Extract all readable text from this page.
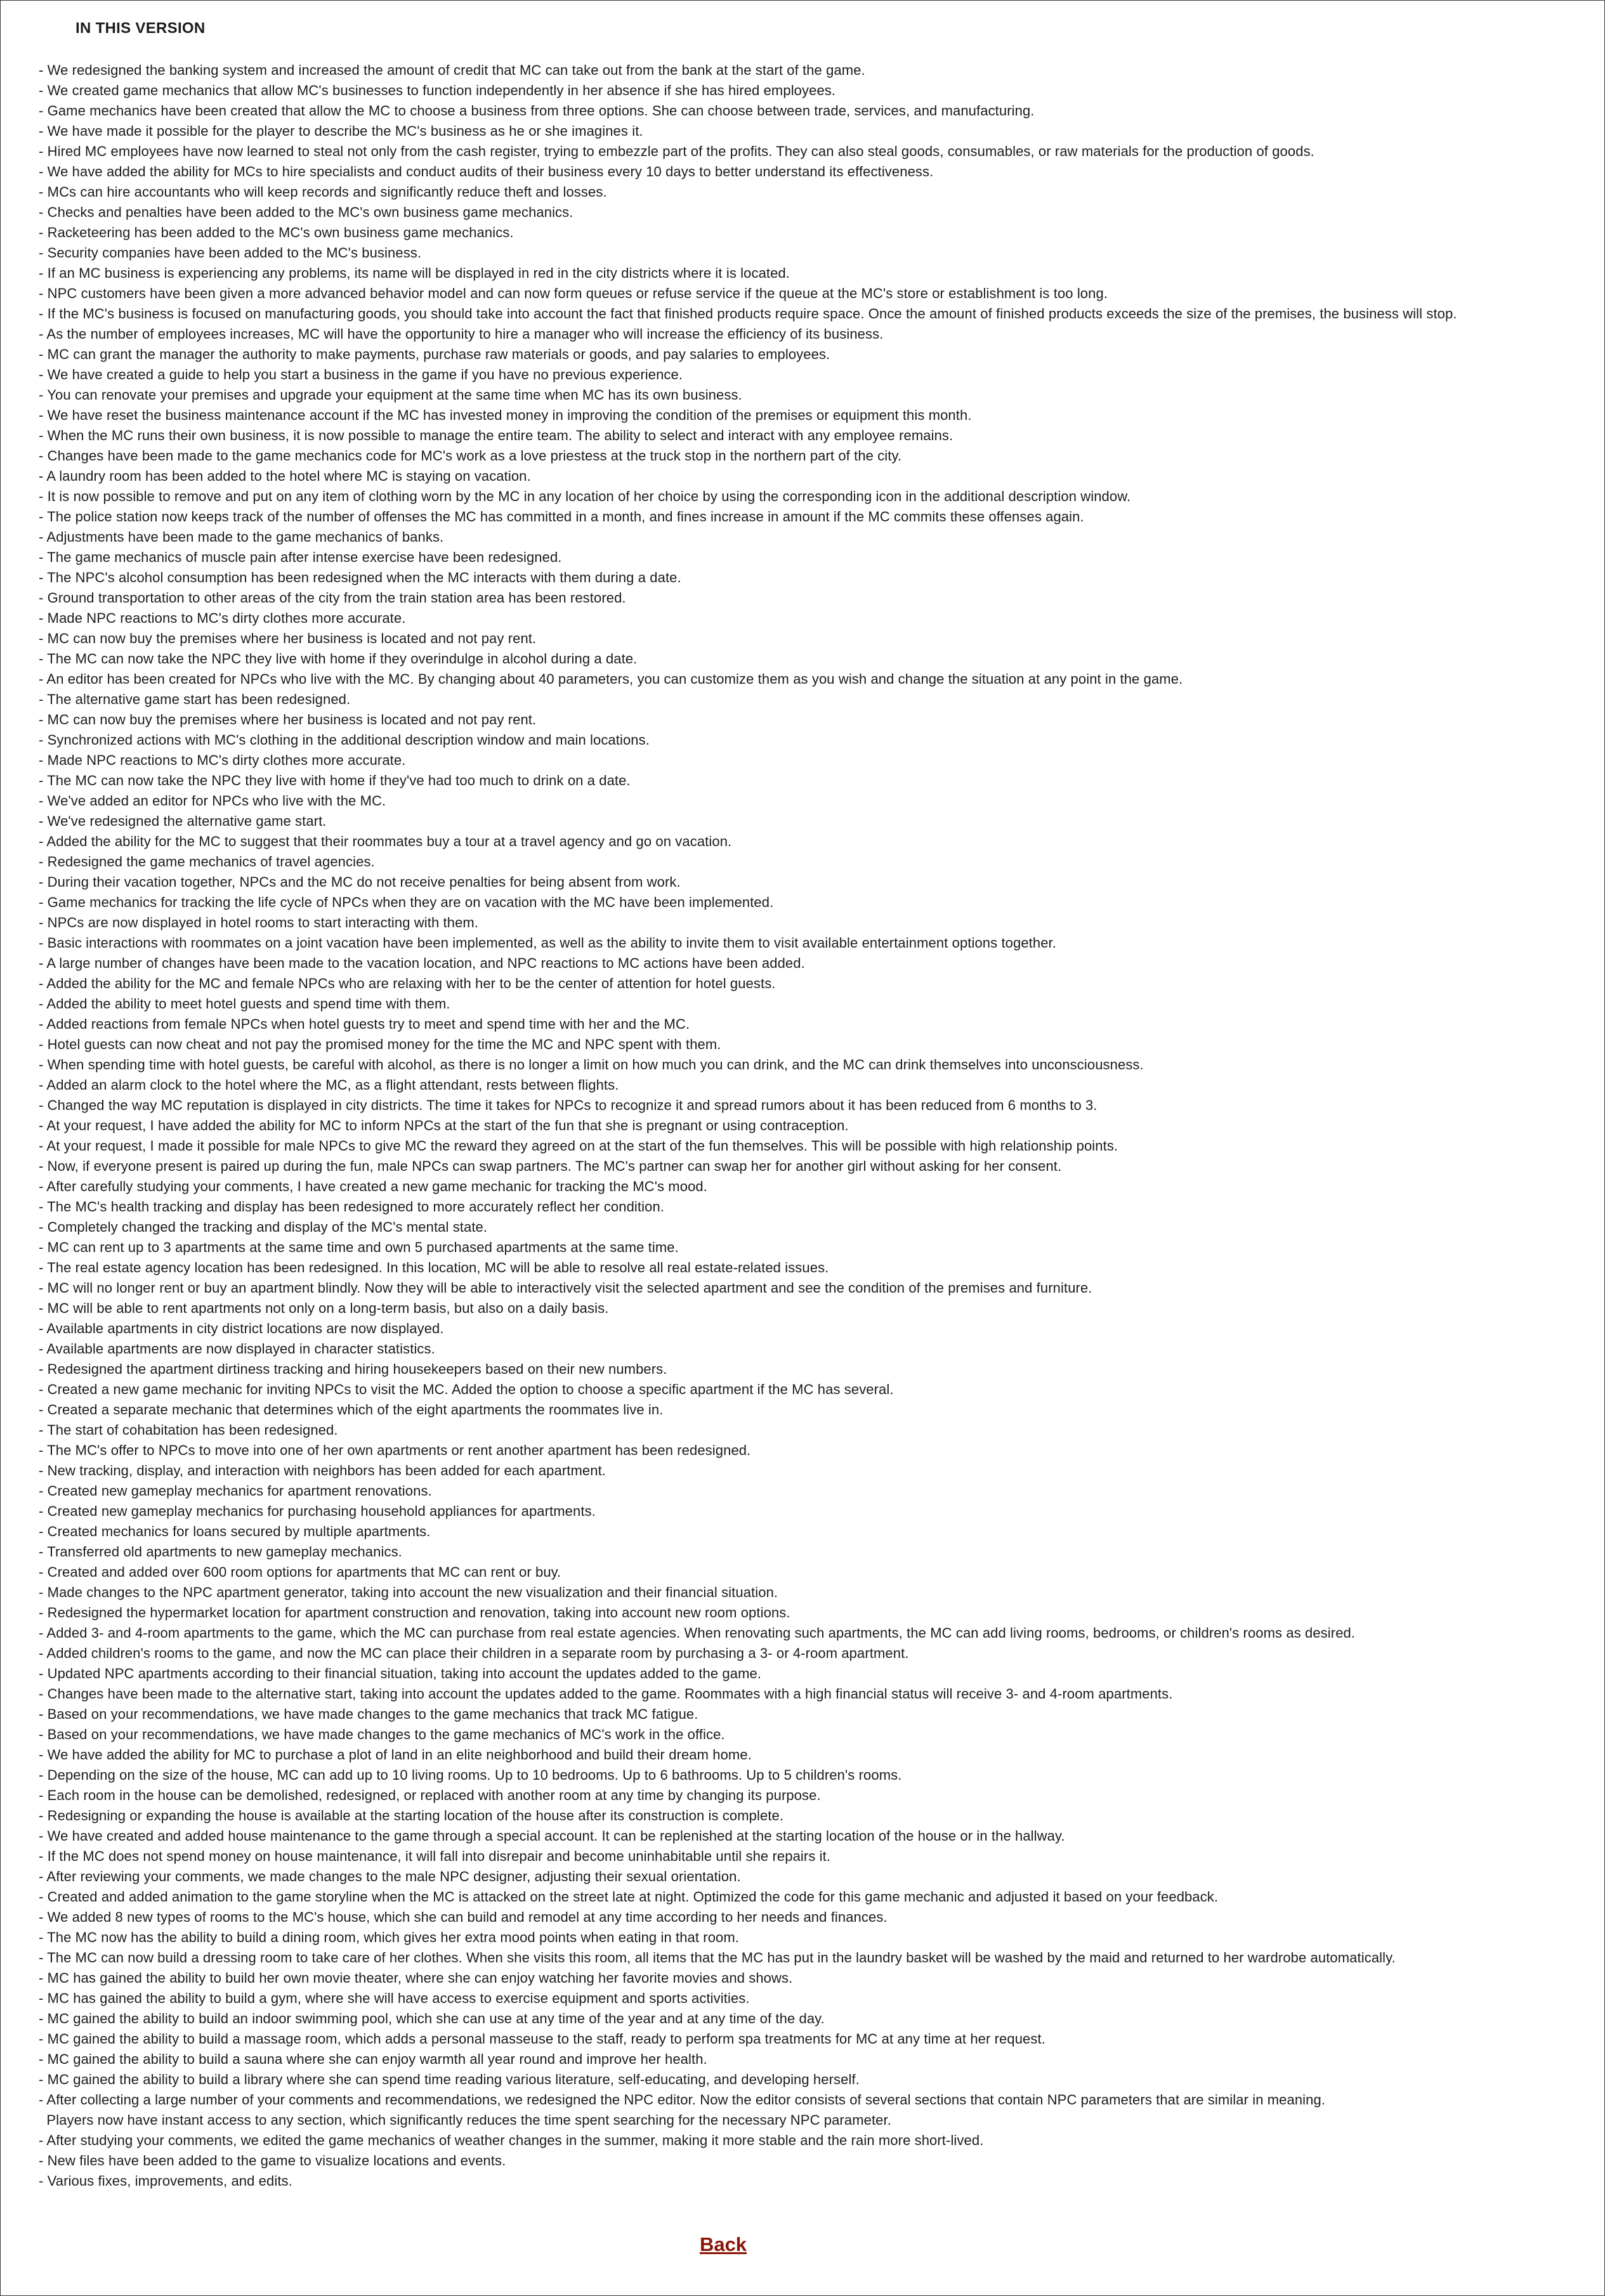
IN THIS VERSION
- We redesigned the banking system and increased the amount of credit that MC can take out from the bank at the start of the game.
- We created game mechanics that allow MC's businesses to function independently in her absence if she has hired employees.
- Game mechanics have been created that allow the MC to choose a business from three options. She can choose between trade, services, and manufacturing.
- We have made it possible for the player to describe the MC's business as he or she imagines it.
- Hired MC employees have now learned to steal not only from the cash register, trying to embezzle part of the profits. They can also steal goods, consumables, or raw materials for the production of goods.
- We have added the ability for MCs to hire specialists and conduct audits of their business every 10 days to better understand its effectiveness.
- MCs can hire accountants who will keep records and significantly reduce theft and losses.
- Checks and penalties have been added to the MC's own business game mechanics.
- Racketeering has been added to the MC's own business game mechanics.
- Security companies have been added to the MC's business.
- If an MC business is experiencing any problems, its name will be displayed in red in the city districts where it is located.
- NPC customers have been given a more advanced behavior model and can now form queues or refuse service if the queue at the MC's store or establishment is too long.
- If the MC's business is focused on manufacturing goods, you should take into account the fact that finished products require space. Once the amount of finished products exceeds the size of the premises, the business will stop.
- As the number of employees increases, MC will have the opportunity to hire a manager who will increase the efficiency of its business.
- MC can grant the manager the authority to make payments, purchase raw materials or goods, and pay salaries to employees.
- We have created a guide to help you start a business in the game if you have no previous experience.
- You can renovate your premises and upgrade your equipment at the same time when MC has its own business.
- We have reset the business maintenance account if the MC has invested money in improving the condition of the premises or equipment this month.
- When the MC runs their own business, it is now possible to manage the entire team. The ability to select and interact with any employee remains.
- Changes have been made to the game mechanics code for MC's work as a love priestess at the truck stop in the northern part of the city.
- A laundry room has been added to the hotel where MC is staying on vacation.
- It is now possible to remove and put on any item of clothing worn by the MC in any location of her choice by using the corresponding icon in the additional description window.
- The police station now keeps track of the number of offenses the MC has committed in a month, and fines increase in amount if the MC commits these offenses again.
- Adjustments have been made to the game mechanics of banks.
- The game mechanics of muscle pain after intense exercise have been redesigned.
- The NPC's alcohol consumption has been redesigned when the MC interacts with them during a date.
- Ground transportation to other areas of the city from the train station area has been restored.
- Made NPC reactions to MC's dirty clothes more accurate.
- MC can now buy the premises where her business is located and not pay rent.
- The MC can now take the NPC they live with home if they overindulge in alcohol during a date.
- An editor has been created for NPCs who live with the MC. By changing about 40 parameters, you can customize them as you wish and change the situation at any point in the game.
- The alternative game start has been redesigned.
- MC can now buy the premises where her business is located and not pay rent.
- Synchronized actions with MC's clothing in the additional description window and main locations.
- Made NPC reactions to MC's dirty clothes more accurate.
- The MC can now take the NPC they live with home if they've had too much to drink on a date.
- We've added an editor for NPCs who live with the MC.
- We've redesigned the alternative game start.
- Added the ability for the MC to suggest that their roommates buy a tour at a travel agency and go on vacation.
- Redesigned the game mechanics of travel agencies.
- During their vacation together, NPCs and the MC do not receive penalties for being absent from work.
- Game mechanics for tracking the life cycle of NPCs when they are on vacation with the MC have been implemented.
- NPCs are now displayed in hotel rooms to start interacting with them.
- Basic interactions with roommates on a joint vacation have been implemented, as well as the ability to invite them to visit available entertainment options together.
- A large number of changes have been made to the vacation location, and NPC reactions to MC actions have been added.
- Added the ability for the MC and female NPCs who are relaxing with her to be the center of attention for hotel guests.
- Added the ability to meet hotel guests and spend time with them.
- Added reactions from female NPCs when hotel guests try to meet and spend time with her and the MC.
- Hotel guests can now cheat and not pay the promised money for the time the MC and NPC spent with them.
- When spending time with hotel guests, be careful with alcohol, as there is no longer a limit on how much you can drink, and the MC can drink themselves into unconsciousness.
- Added an alarm clock to the hotel where the MC, as a flight attendant, rests between flights.
- Changed the way MC reputation is displayed in city districts. The time it takes for NPCs to recognize it and spread rumors about it has been reduced from 6 months to 3.
- At your request, I have added the ability for MC to inform NPCs at the start of the fun that she is pregnant or using contraception.
- At your request, I made it possible for male NPCs to give MC the reward they agreed on at the start of the fun themselves. This will be possible with high relationship points.
- Now, if everyone present is paired up during the fun, male NPCs can swap partners. The MC's partner can swap her for another girl without asking for her consent.
- After carefully studying your comments, I have created a new game mechanic for tracking the MC's mood.
- The MC's health tracking and display has been redesigned to more accurately reflect her condition.
- Completely changed the tracking and display of the MC's mental state.
- MC can rent up to 3 apartments at the same time and own 5 purchased apartments at the same time.
- The real estate agency location has been redesigned. In this location, MC will be able to resolve all real estate-related issues.
- MC will no longer rent or buy an apartment blindly. Now they will be able to interactively visit the selected apartment and see the condition of the premises and furniture.
- MC will be able to rent apartments not only on a long-term basis, but also on a daily basis.
- Available apartments in city district locations are now displayed.
- Available apartments are now displayed in character statistics.
- Redesigned the apartment dirtiness tracking and hiring housekeepers based on their new numbers.
- Created a new game mechanic for inviting NPCs to visit the MC. Added the option to choose a specific apartment if the MC has several.
- Created a separate mechanic that determines which of the eight apartments the roommates live in.
- The start of cohabitation has been redesigned.
- The MC's offer to NPCs to move into one of her own apartments or rent another apartment has been redesigned.
- New tracking, display, and interaction with neighbors has been added for each apartment.
- Created new gameplay mechanics for apartment renovations.
- Created new gameplay mechanics for purchasing household appliances for apartments.
- Created mechanics for loans secured by multiple apartments.
- Transferred old apartments to new gameplay mechanics.
- Created and added over 600 room options for apartments that MC can rent or buy.
- Made changes to the NPC apartment generator, taking into account the new visualization and their financial situation.
- Redesigned the hypermarket location for apartment construction and renovation, taking into account new room options.
- Added 3- and 4-room apartments to the game, which the MC can purchase from real estate agencies. When renovating such apartments, the MC can add living rooms, bedrooms, or children's rooms as desired.
- Added children's rooms to the game, and now the MC can place their children in a separate room by purchasing a 3- or 4-room apartment.
- Updated NPC apartments according to their financial situation, taking into account the updates added to the game.
- Changes have been made to the alternative start, taking into account the updates added to the game. Roommates with a high financial status will receive 3- and 4-room apartments.
- Based on your recommendations, we have made changes to the game mechanics that track MC fatigue.
- Based on your recommendations, we have made changes to the game mechanics of MC's work in the office.
- We have added the ability for MC to purchase a plot of land in an elite neighborhood and build their dream home.
- Depending on the size of the house, MC can add up to 10 living rooms. Up to 10 bedrooms. Up to 6 bathrooms. Up to 5 children's rooms.
- Each room in the house can be demolished, redesigned, or replaced with another room at any time by changing its purpose.
- Redesigning or expanding the house is available at the starting location of the house after its construction is complete.
- We have created and added house maintenance to the game through a special account. It can be replenished at the starting location of the house or in the hallway.
- If the MC does not spend money on house maintenance, it will fall into disrepair and become uninhabitable until she repairs it.
- After reviewing your comments, we made changes to the male NPC designer, adjusting their sexual orientation.
- Created and added animation to the game storyline when the MC is attacked on the street late at night. Optimized the code for this game mechanic and adjusted it based on your feedback.
- We added 8 new types of rooms to the MC's house, which she can build and remodel at any time according to her needs and finances.
- The MC now has the ability to build a dining room, which gives her extra mood points when eating in that room.
- The MC can now build a dressing room to take care of her clothes. When she visits this room, all items that the MC has put in the laundry basket will be washed by the maid and returned to her wardrobe automatically.
- MC has gained the ability to build her own movie theater, where she can enjoy watching her favorite movies and shows.
- MC has gained the ability to build a gym, where she will have access to exercise equipment and sports activities.
- MC gained the ability to build an indoor swimming pool, which she can use at any time of the year and at any time of the day.
- MC gained the ability to build a massage room, which adds a personal masseuse to the staff, ready to perform spa treatments for MC at any time at her request.
- MC gained the ability to build a sauna where she can enjoy warmth all year round and improve her health.
- MC gained the ability to build a library where she can spend time reading various literature, self-educating, and developing herself.
- After collecting a large number of your comments and recommendations, we redesigned the NPC editor. Now the editor consists of several sections that contain NPC parameters that are similar in meaning.
Players now have instant access to any section, which significantly reduces the time spent searching for the necessary NPC parameter.
- After studying your comments, we edited the game mechanics of weather changes in the summer, making it more stable and the rain more short-lived.
- New files have been added to the game to visualize locations and events.
- Various fixes, improvements, and edits.
Back
